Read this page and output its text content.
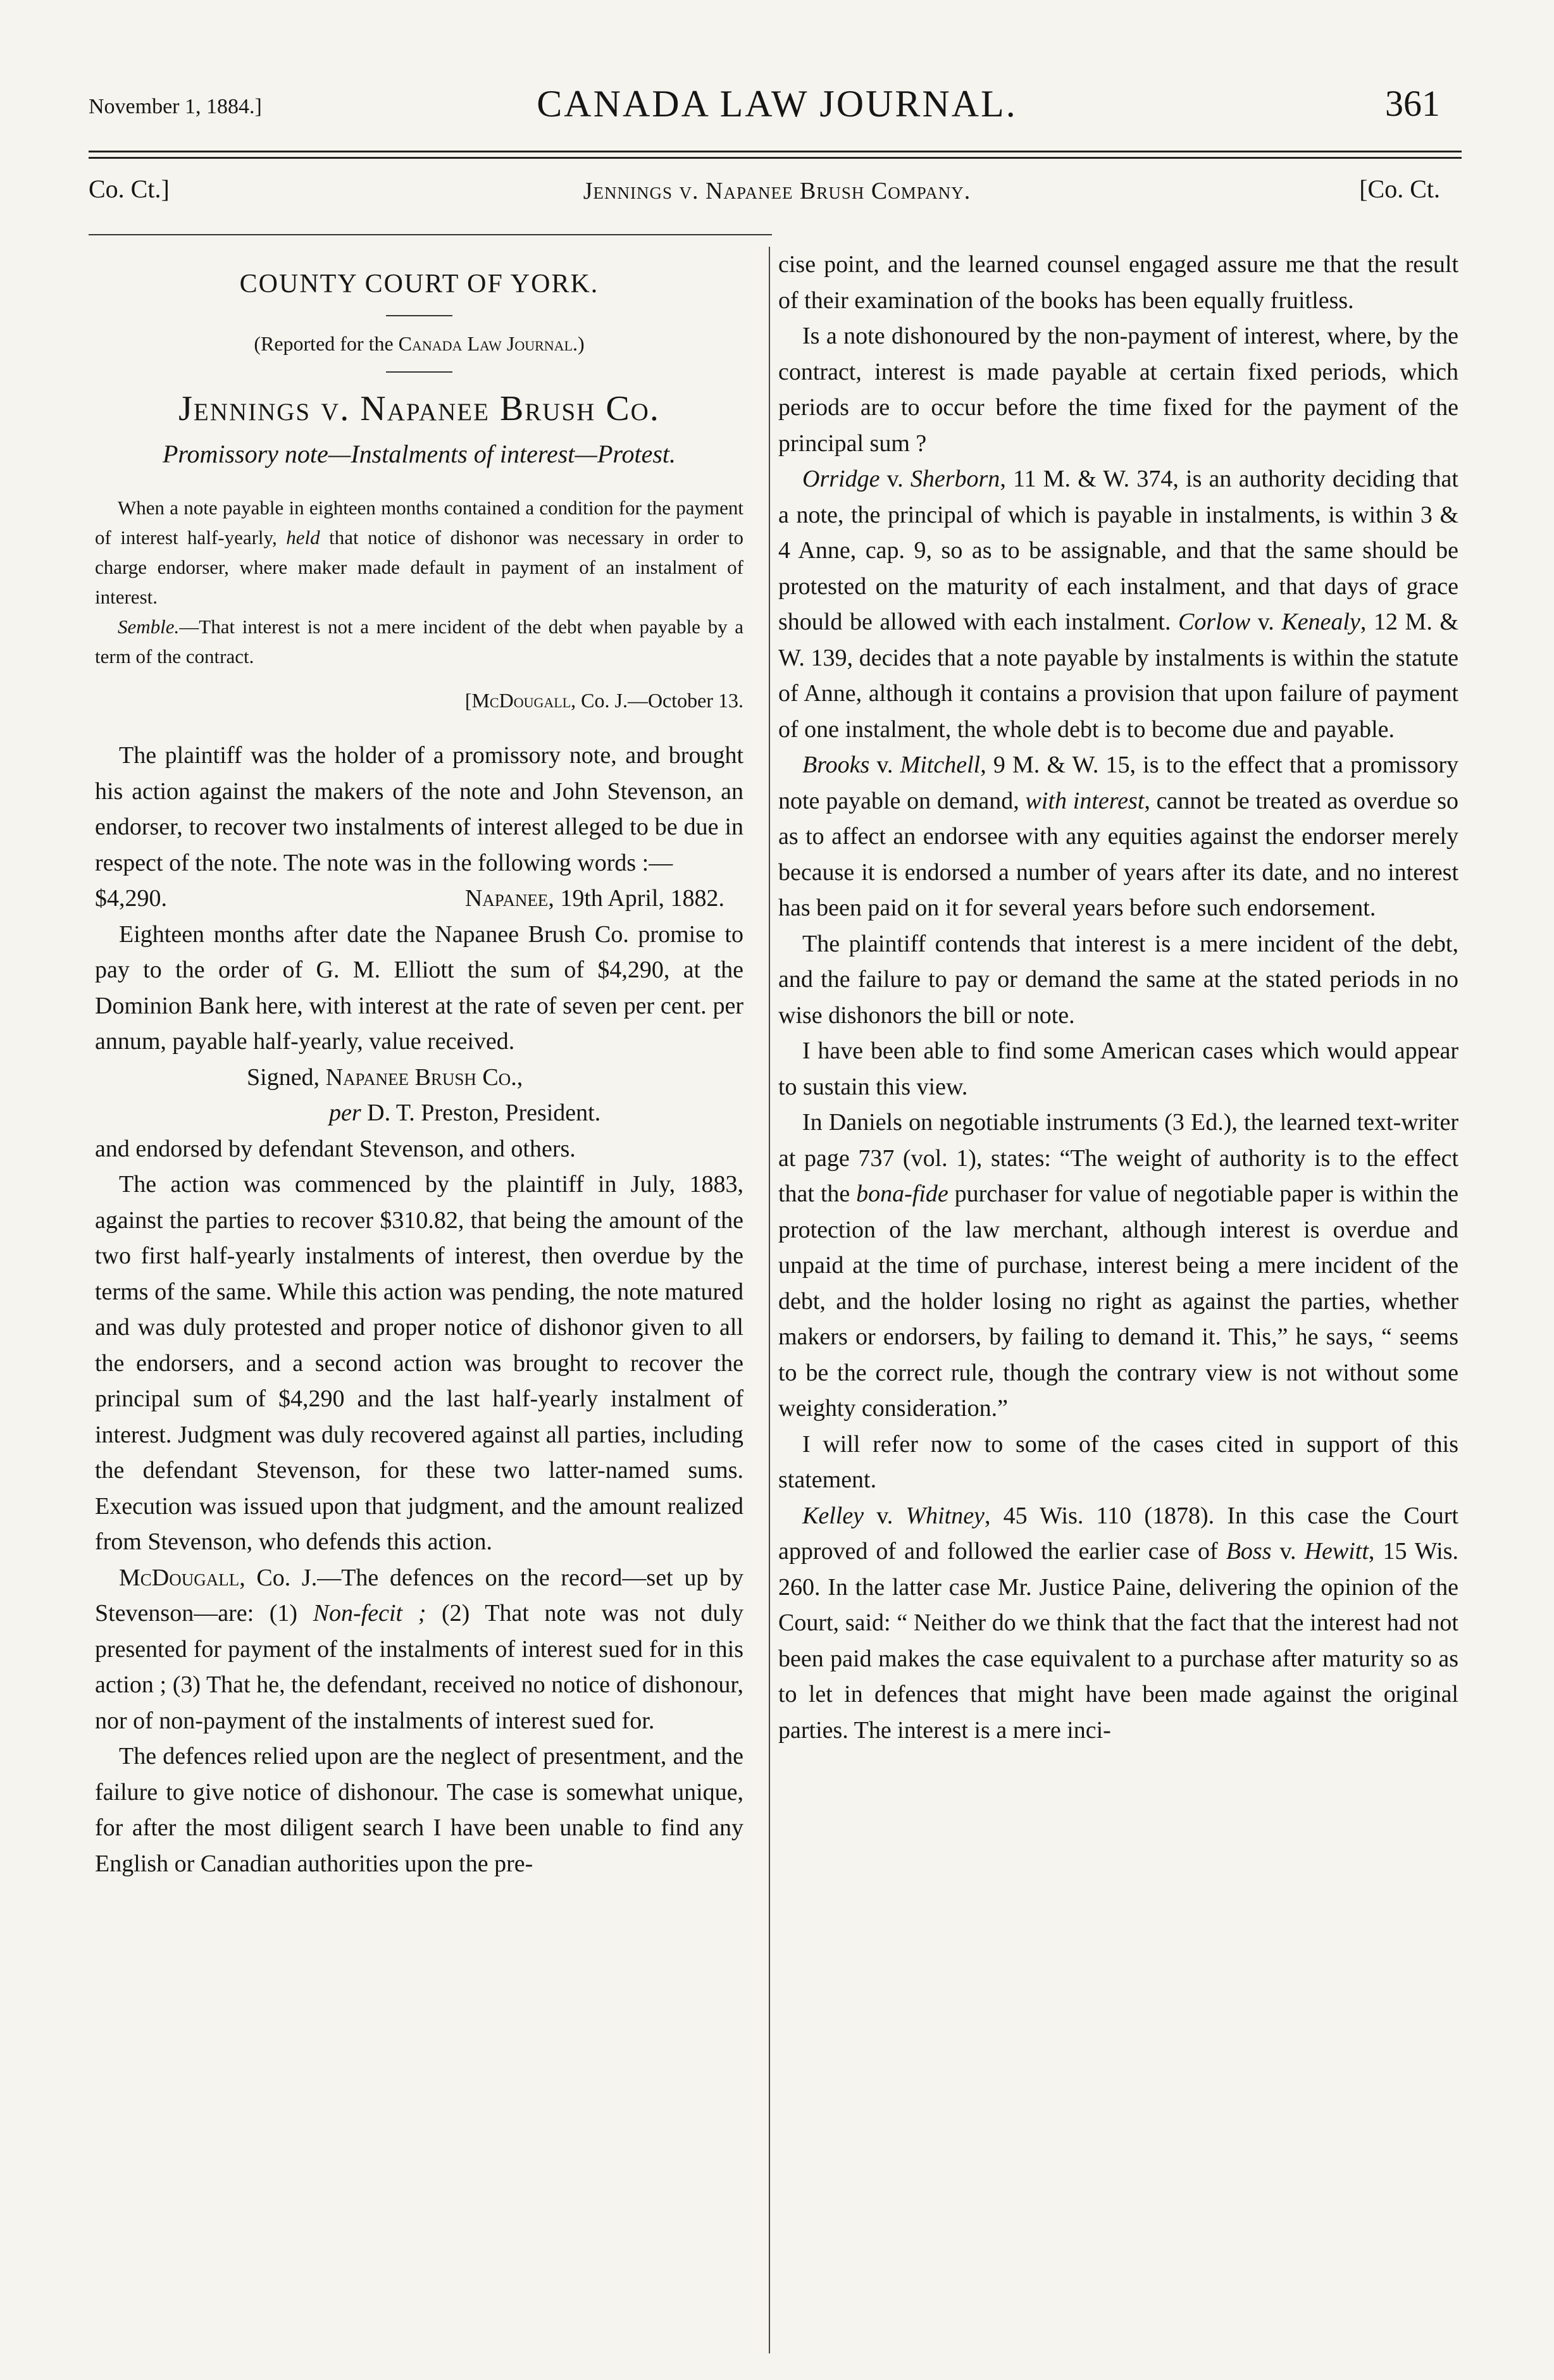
November 1, 1884.]	CANADA LAW JOURNAL.	361
Co. Ct.]	Jennings v. Napanee Brush Company.	[Co. Ct.

COUNTY COURT OF YORK.

(Reported for the Canada Law Journal.)

Jennings v. Napanee Brush Co.

Promissory note—Instalments of interest—Protest.

When a note payable in eighteen months contained a condition for the payment of interest half-yearly, held that notice of dishonor was necessary in order to charge endorser, where maker made default in payment of an instalment of interest.

Semble.—That interest is not a mere incident of the debt when payable by a term of the contract.

[McDougall, Co. J.—October 13.

The plaintiff was the holder of a promissory note, and brought his action against the makers of the note and John Stevenson, an endorser, to recover two instalments of interest alleged to be due in respect of the note. The note was in the following words :—

$4,290.	Napanee, 19th April, 1882.

Eighteen months after date the Napanee Brush Co. promise to pay to the order of G. M. Elliott the sum of $4,290, at the Dominion Bank here, with interest at the rate of seven per cent. per annum, payable half-yearly, value received.

Signed, Napanee Brush Co.,

per D. T. Preston, President.

and endorsed by defendant Stevenson, and others.

The action was commenced by the plaintiff in July, 1883, against the parties to recover $310.82, that being the amount of the two first half-yearly instalments of interest, then overdue by the terms of the same. While this action was pending, the note matured and was duly protested and proper notice of dishonor given to all the endorsers, and a second action was brought to recover the principal sum of $4,290 and the last half-yearly instalment of interest. Judgment was duly recovered against all parties, including the defendant Stevenson, for these two latter-named sums. Execution was issued upon that judgment, and the amount realized from Stevenson, who defends this action.

McDougall, Co. J.—The defences on the record—set up by Stevenson—are: (1) Non-fecit ; (2) That note was not duly presented for payment of the instalments of interest sued for in this action ; (3) That he, the defendant, received no notice of dishonour, nor of non-payment of the instalments of interest sued for.

The defences relied upon are the neglect of presentment, and the failure to give notice of dishonour. The case is somewhat unique, for after the most diligent search I have been unable to find any English or Canadian authorities upon the pre-

cise point, and the learned counsel engaged assure me that the result of their examination of the books has been equally fruitless.

Is a note dishonoured by the non-payment of interest, where, by the contract, interest is made payable at certain fixed periods, which periods are to occur before the time fixed for the payment of the principal sum ?

Orridge v. Sherborn, 11 M. & W. 374, is an authority deciding that a note, the principal of which is payable in instalments, is within 3 & 4 Anne, cap. 9, so as to be assignable, and that the same should be protested on the maturity of each instalment, and that days of grace should be allowed with each instalment. Corlow v. Kenealy, 12 M. & W. 139, decides that a note payable by instalments is within the statute of Anne, although it contains a provision that upon failure of payment of one instalment, the whole debt is to become due and payable.

Brooks v. Mitchell, 9 M. & W. 15, is to the effect that a promissory note payable on demand, with interest, cannot be treated as overdue so as to affect an endorsee with any equities against the endorser merely because it is endorsed a number of years after its date, and no interest has been paid on it for several years before such endorsement.

The plaintiff contends that interest is a mere incident of the debt, and the failure to pay or demand the same at the stated periods in no wise dishonors the bill or note.

I have been able to find some American cases which would appear to sustain this view.

In Daniels on negotiable instruments (3 Ed.), the learned text-writer at page 737 (vol. 1), states: “The weight of authority is to the effect that the bona-fide purchaser for value of negotiable paper is within the protection of the law merchant, although interest is overdue and unpaid at the time of purchase, interest being a mere incident of the debt, and the holder losing no right as against the parties, whether makers or endorsers, by failing to demand it. This,” he says, “ seems to be the correct rule, though the contrary view is not without some weighty consideration.”

I will refer now to some of the cases cited in support of this statement.

Kelley v. Whitney, 45 Wis. 110 (1878). In this case the Court approved of and followed the earlier case of Boss v. Hewitt, 15 Wis. 260. In the latter case Mr. Justice Paine, delivering the opinion of the Court, said: “ Neither do we think that the fact that the interest had not been paid makes the case equivalent to a purchase after maturity so as to let in defences that might have been made against the original parties. The interest is a mere inci-
